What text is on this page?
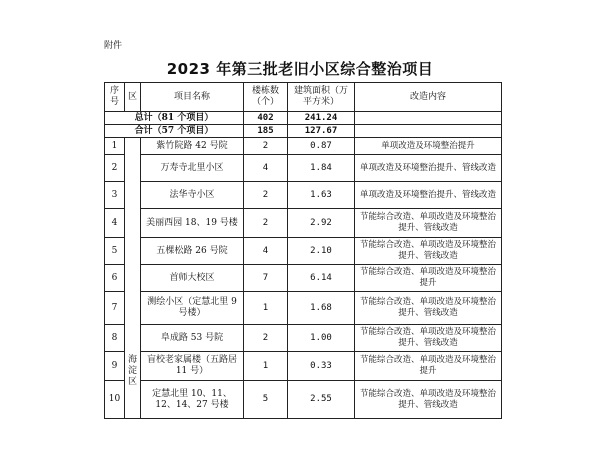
附件
2023 年第三批老旧小区综合整治项目
序号	区	项目名称	楼栋数（个）	建筑面积（万平方米）	改造内容
总计（81 个项目）			402	241.24	
合计（57 个项目）			185	127.67	
1	海淀区	紫竹院路 42 号院	2	0.87	单项改造及环境整治提升
2		万寿寺北里小区	4	1.84	单项改造及环境整治提升、管线改造
3		法华寺小区	2	1.63	单项改造及环境整治提升、管线改造
4		美丽西园 18、19 号楼	2	2.92	节能综合改造、单项改造及环境整治提升、管线改造
5		五棵松路 26 号院	4	2.10	节能综合改造、单项改造及环境整治提升、管线改造
6		首师大校区	7	6.14	节能综合改造、单项改造及环境整治提升
7		测绘小区（定慧北里 9 号楼）	1	1.68	节能综合改造、单项改造及环境整治提升、管线改造
8		阜成路 53 号院	2	1.00	节能综合改造、单项改造及环境整治提升、管线改造
9		盲校老家属楼（五路居 11 号）	1	0.33	节能综合改造、单项改造及环境整治提升
10		定慧北里 10、11、12、14、27 号楼	5	2.55	节能综合改造、单项改造及环境整治提升、管线改造
